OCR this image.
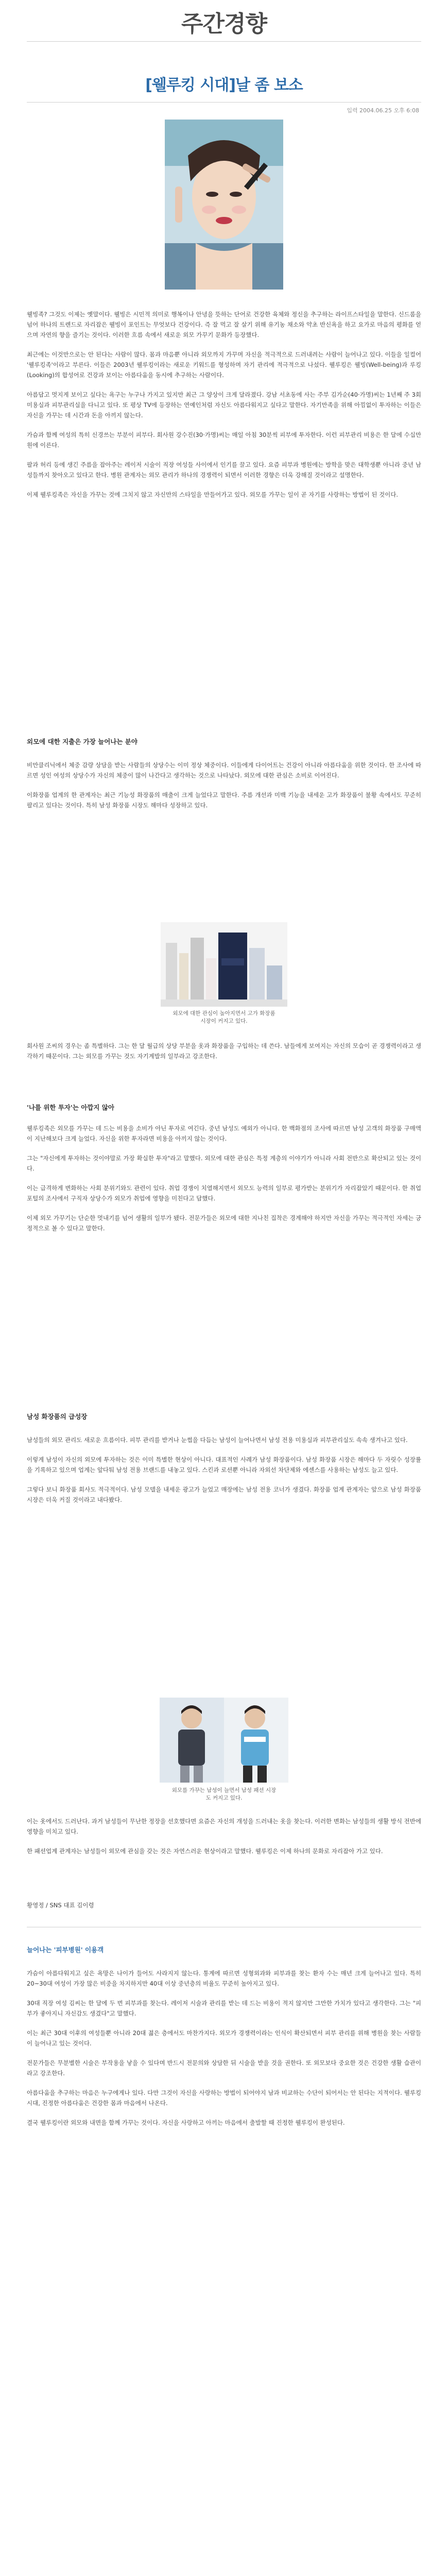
주간경향
[웰루킹 시대]날 좀 보소
입력 2004.06.25 오후 6:08

웰빙족? 그것도 이제는 옛말이다. 웰빙은 시민적 의미로 행복이나 안녕을 뜻하는 단어로 건강한 육체와 정신을 추구하는 라이프스타일을 말한다. 신드롬을 넘어 하나의 트렌드로 자리잡은 웰빙이 포인트는 무엇보다 건강이다. 즉 잘 먹고 잘 살기 위해 유기농 채소와 약초 반신욕을 하고 요가로 마음의 평화를 얻으며 자연의 향을 즐기는 것이다. 이러한 흐름 속에서 새로운 외모 가꾸기 문화가 등장했다.

최근에는 이것만으로는 안 된다는 사람이 많다. 몸과 마음뿐 아니라 외모까지 가꾸며 자신을 적극적으로 드러내려는 사람이 늘어나고 있다. 이들을 일컬어 '웰루킹족'이라고 부른다. 이들은 2003년 웰루킹이라는 새로운 키워드를 형성하며 자기 관리에 적극적으로 나섰다. 웰루킹은 웰빙(Well-being)과 루킹(Looking)의 합성어로 건강과 보이는 아름다움을 동시에 추구하는 사람이다.

아름답고 멋지게 보이고 싶다는 욕구는 누구나 가지고 있지만 최근 그 양상이 크게 달라졌다. 강남 서초동에 사는 주부 김가순(40·가명)씨는 1년째 주 3회 미용실과 피부관리실을 다니고 있다. 또 평상 TV에 등장하는 연예인처럼 자신도 아름다워지고 싶다고 말한다. 자기만족을 위해 아낌없이 투자하는 이들은 자신을 가꾸는 데 시간과 돈을 아끼지 않는다.

가슴과 함께 여성의 특히 신경쓰는 부분이 피부다. 회사원 강수진(30·가명)씨는 매일 아침 30분씩 피부에 투자한다. 이런 피부관리 비용은 한 달에 수십만 원에 이른다.

팔과 허리 등에 생긴 주름을 잡아주는 레이저 시술이 직장 여성들 사이에서 인기를 끌고 있다. 요즘 피부과 병원에는 방학을 맞은 대학생뿐 아니라 중년 남성들까지 찾아오고 있다고 한다. 병원 관계자는 외모 관리가 하나의 경쟁력이 되면서 이러한 경향은 더욱 강해질 것이라고 설명한다.

이제 웰루킹족은 자신을 가꾸는 것에 그치지 않고 자신만의 스타일을 만들어가고 있다. 외모를 가꾸는 일이 곧 자기를 사랑하는 방법이 된 것이다.

외모에 대한 지출은 가장 늘어나는 분야

비만클리닉에서 체중 감량 상담을 받는 사람들의 상당수는 이미 정상 체중이다. 이들에게 다이어트는 건강이 아니라 아름다움을 위한 것이다. 한 조사에 따르면 성인 여성의 상당수가 자신의 체중이 많이 나간다고 생각하는 것으로 나타났다. 외모에 대한 관심은 소비로 이어진다.

이화장품 업계의 한 관계자는 최근 기능성 화장품의 매출이 크게 늘었다고 말한다. 주름 개선과 미백 기능을 내세운 고가 화장품이 불황 속에서도 꾸준히 팔리고 있다는 것이다. 특히 남성 화장품 시장도 해마다 성장하고 있다.

외모에 대한 관심이 높아지면서 고가 화장품 시장이 커지고 있다.

회사원 조씨의 경우는 좀 특별하다. 그는 한 달 월급의 상당 부분을 옷과 화장품을 구입하는 데 쓴다. 남들에게 보여지는 자신의 모습이 곧 경쟁력이라고 생각하기 때문이다. 그는 외모를 가꾸는 것도 자기계발의 일부라고 강조한다.

'나를 위한 투자'는 아깝지 않아

웰루킹족은 외모를 가꾸는 데 드는 비용을 소비가 아닌 투자로 여긴다. 중년 남성도 예외가 아니다. 한 백화점의 조사에 따르면 남성 고객의 화장품 구매액이 지난해보다 크게 늘었다. 자신을 위한 투자라면 비용을 아끼지 않는 것이다.

그는 "자신에게 투자하는 것이야말로 가장 확실한 투자"라고 말했다. 외모에 대한 관심은 특정 계층의 이야기가 아니라 사회 전반으로 확산되고 있는 것이다.

이는 급격하게 변화하는 사회 분위기와도 관련이 있다. 취업 경쟁이 치열해지면서 외모도 능력의 일부로 평가받는 분위기가 자리잡았기 때문이다. 한 취업 포털의 조사에서 구직자 상당수가 외모가 취업에 영향을 미친다고 답했다.

이제 외모 가꾸기는 단순한 멋내기를 넘어 생활의 일부가 됐다. 전문가들은 외모에 대한 지나친 집착은 경계해야 하지만 자신을 가꾸는 적극적인 자세는 긍정적으로 볼 수 있다고 말한다.

남성 화장품의 급성장

남성들의 외모 관리도 새로운 흐름이다. 피부 관리를 받거나 눈썹을 다듬는 남성이 늘어나면서 남성 전용 미용실과 피부관리실도 속속 생겨나고 있다.

이렇게 남성이 자신의 외모에 투자하는 것은 이미 특별한 현상이 아니다. 대표적인 사례가 남성 화장품이다. 남성 화장품 시장은 해마다 두 자릿수 성장률을 기록하고 있으며 업계는 앞다퉈 남성 전용 브랜드를 내놓고 있다. 스킨과 로션뿐 아니라 자외선 차단제와 에센스를 사용하는 남성도 늘고 있다.

그렇다 보니 화장품 회사도 적극적이다. 남성 모델을 내세운 광고가 늘었고 매장에는 남성 전용 코너가 생겼다. 화장품 업계 관계자는 앞으로 남성 화장품 시장은 더욱 커질 것이라고 내다봤다.

외모를 가꾸는 남성이 늘면서 남성 패션 시장도 커지고 있다.

이는 옷에서도 드러난다. 과거 남성들이 무난한 정장을 선호했다면 요즘은 자신의 개성을 드러내는 옷을 찾는다. 이러한 변화는 남성들의 생활 방식 전반에 영향을 미치고 있다.

한 패션업계 관계자는 남성들이 외모에 관심을 갖는 것은 자연스러운 현상이라고 말했다. 웰루킹은 이제 하나의 문화로 자리잡아 가고 있다.

황영정 / SNS 대표 김이령
늘어나는 '피부병원' 이용객

가슴이 아름다워지고 싶은 욕망은 나이가 들어도 사라지지 않는다. 통계에 따르면 성형외과와 피부과를 찾는 환자 수는 매년 크게 늘어나고 있다. 특히 20~30대 여성이 가장 많은 비중을 차지하지만 40대 이상 중년층의 비율도 꾸준히 높아지고 있다.

30대 직장 여성 김씨는 한 달에 두 번 피부과를 찾는다. 레이저 시술과 관리를 받는 데 드는 비용이 적지 않지만 그만한 가치가 있다고 생각한다. 그는 "피부가 좋아지니 자신감도 생겼다"고 말했다.

이는 최근 30대 이후의 여성들뿐 아니라 20대 젊은 층에서도 마찬가지다. 외모가 경쟁력이라는 인식이 확산되면서 피부 관리를 위해 병원을 찾는 사람들이 늘어나고 있는 것이다.

전문가들은 무분별한 시술은 부작용을 낳을 수 있다며 반드시 전문의와 상담한 뒤 시술을 받을 것을 권한다. 또 외모보다 중요한 것은 건강한 생활 습관이라고 강조한다.

아름다움을 추구하는 마음은 누구에게나 있다. 다만 그것이 자신을 사랑하는 방법이 되어야지 남과 비교하는 수단이 되어서는 안 된다는 지적이다. 웰루킹 시대, 진정한 아름다움은 건강한 몸과 마음에서 나온다.

결국 웰루킹이란 외모와 내면을 함께 가꾸는 것이다. 자신을 사랑하고 아끼는 마음에서 출발할 때 진정한 웰루킹이 완성된다.
